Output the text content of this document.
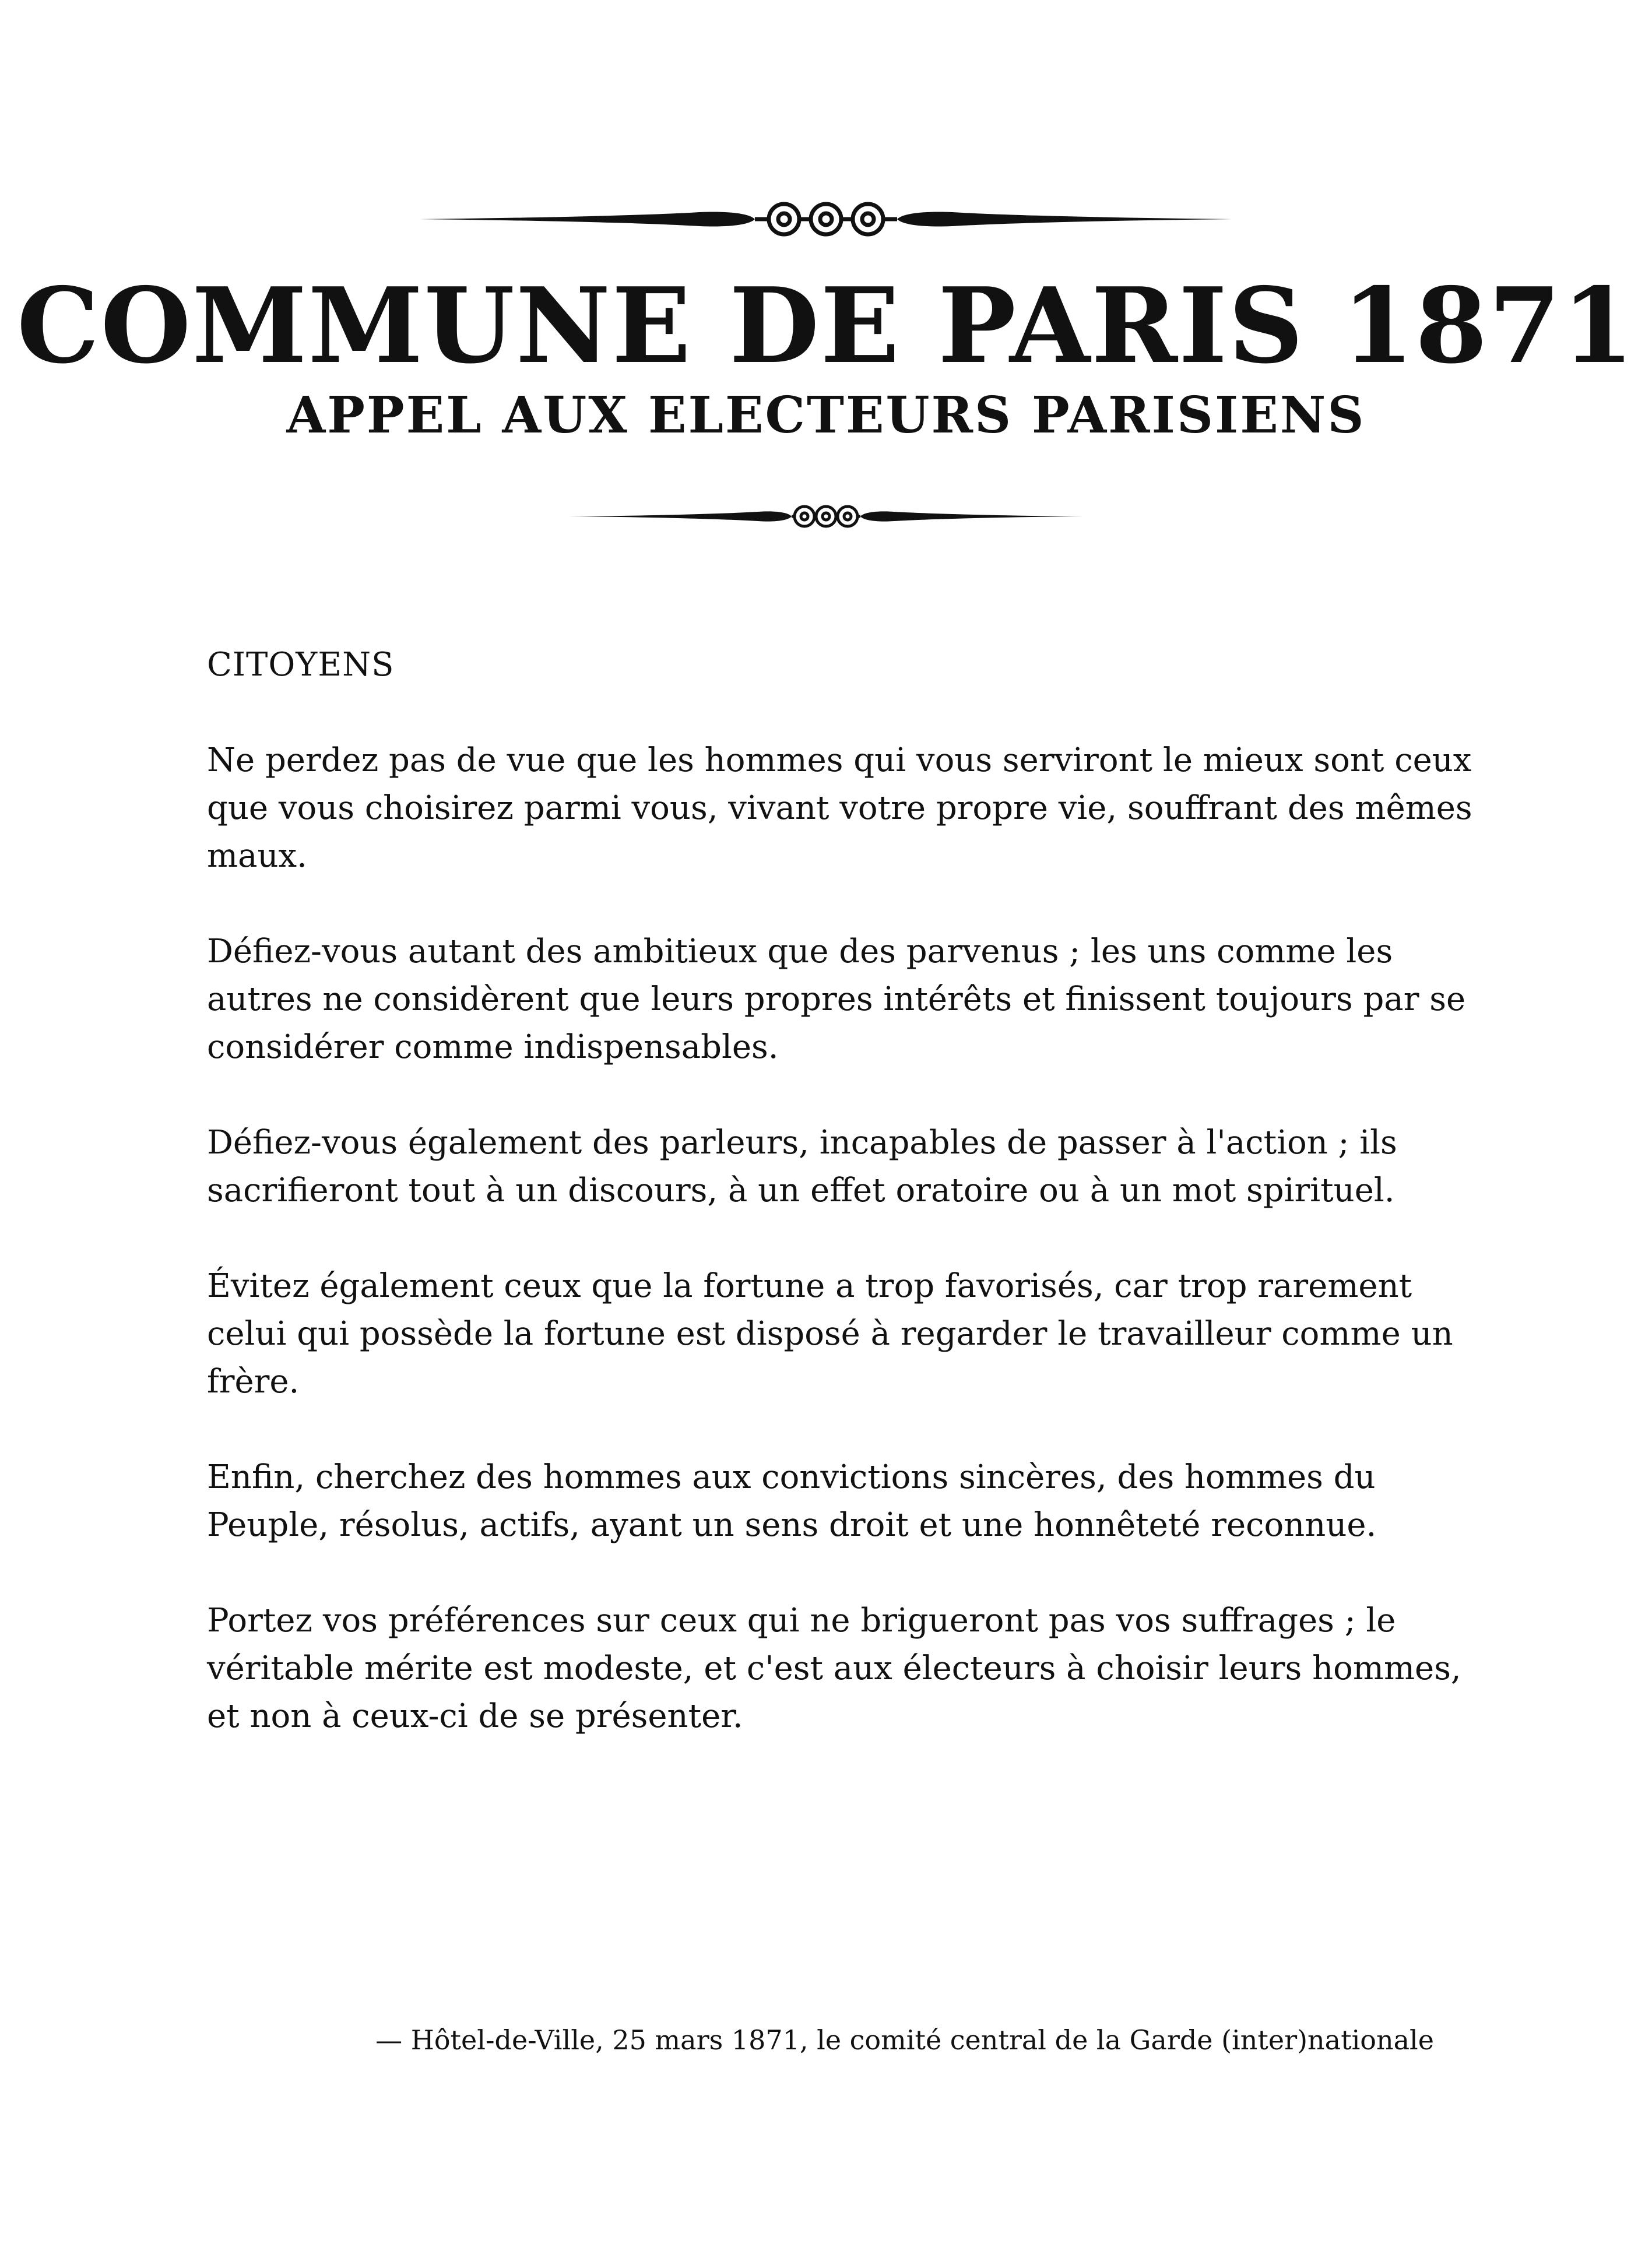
COMMUNE DE PARIS 1871
APPEL AUX ELECTEURS PARISIENS

CITOYENS

Ne perdez pas de vue que les hommes qui vous serviront le mieux sont ceux que vous choisirez parmi vous, vivant votre propre vie, souffrant des mêmes maux.

Défiez-vous autant des ambitieux que des parvenus ; les uns comme les autres ne considèrent que leurs propres intérêts et finissent toujours par se considérer comme indispensables.

Défiez-vous également des parleurs, incapables de passer à l'action ; ils sacrifieront tout à un discours, à un effet oratoire ou à un mot spirituel.

Évitez également ceux que la fortune a trop favorisés, car trop rarement celui qui possède la fortune est disposé à regarder le travailleur comme un frère.

Enfin, cherchez des hommes aux convictions sincères, des hommes du Peuple, résolus, actifs, ayant un sens droit et une honnêteté reconnue.

Portez vos préférences sur ceux qui ne brigueront pas vos suffrages ; le véritable mérite est modeste, et c'est aux électeurs à choisir leurs hommes, et non à ceux-ci de se présenter.

— Hôtel-de-Ville, 25 mars 1871, le comité central de la Garde (inter)nationale
